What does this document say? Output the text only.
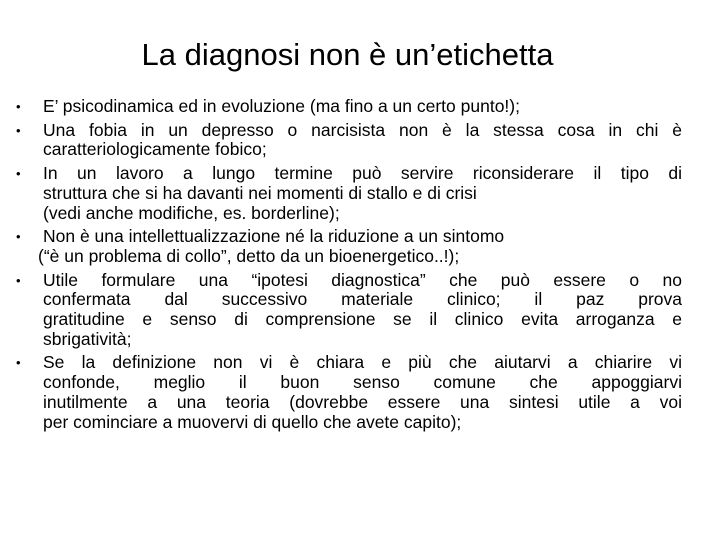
La diagnosi non è un’etichetta
•	E’ psicodinamica ed in evoluzione (ma fino a un certo punto!);
•	Una fobia in un depresso o narcisista non è la stessa cosa in chi è
caratteriologicamente fobico;
•	In un lavoro a lungo termine può servire riconsiderare il tipo di
struttura che si ha davanti nei momenti di stallo e di crisi
(vedi anche modifiche, es. borderline);
•	Non è una intellettualizzazione né la riduzione a un sintomo
(“è un problema di collo”, detto da un bioenergetico..!);
•	Utile formulare una “ipotesi diagnostica” che può essere o no
confermata dal successivo materiale clinico; il paz prova
gratitudine e senso di comprensione se il clinico evita arroganza e
sbrigatività;
•	Se la definizione non vi è chiara e più che aiutarvi a chiarire vi
confonde, meglio il buon senso comune che appoggiarvi
inutilmente a una teoria (dovrebbe essere una sintesi utile a voi
per cominciare a muovervi di quello che avete capito);
